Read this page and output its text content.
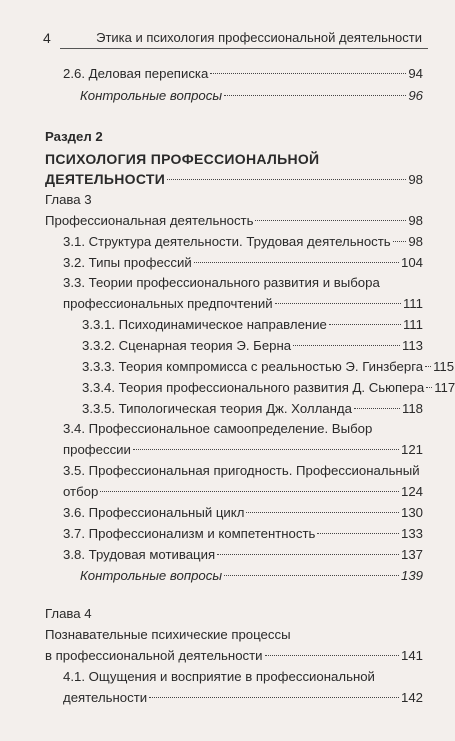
4	Этика и психология профессиональной деятельности
2.6. Деловая переписка	94
Контрольные вопросы	96
Раздел 2
ПСИХОЛОГИЯ ПРОФЕССИОНАЛЬНОЙ
ДЕЯТЕЛЬНОСТИ	98
Глава 3
Профессиональная деятельность	98
3.1. Структура деятельности. Трудовая деятельность 98
3.2. Типы профессий	104
3.3. Теории профессионального развития и выбора
профессиональных предпочтений	111
3.3.1. Психодинамическое направление	111
3.3.2. Сценарная теория Э. Берна	113
3.3.3. Теория компромисса с реальностью Э. Гинзберга 115
3.3.4. Теория профессионального развития Д. Сьюпера 117
3.3.5. Типологическая теория Дж. Холланда	118
3.4. Профессиональное самоопределение. Выбор
профессии	121
3.5. Профессиональная пригодность. Профессиональный
отбор	124
3.6. Профессиональный цикл	130
3.7. Профессионализм и компетентность	133
3.8. Трудовая мотивация	137
Контрольные вопросы	139
Глава 4
Познавательные психические процессы
в профессиональной деятельности	141
4.1. Ощущения и восприятие в профессиональной
деятельности	142
